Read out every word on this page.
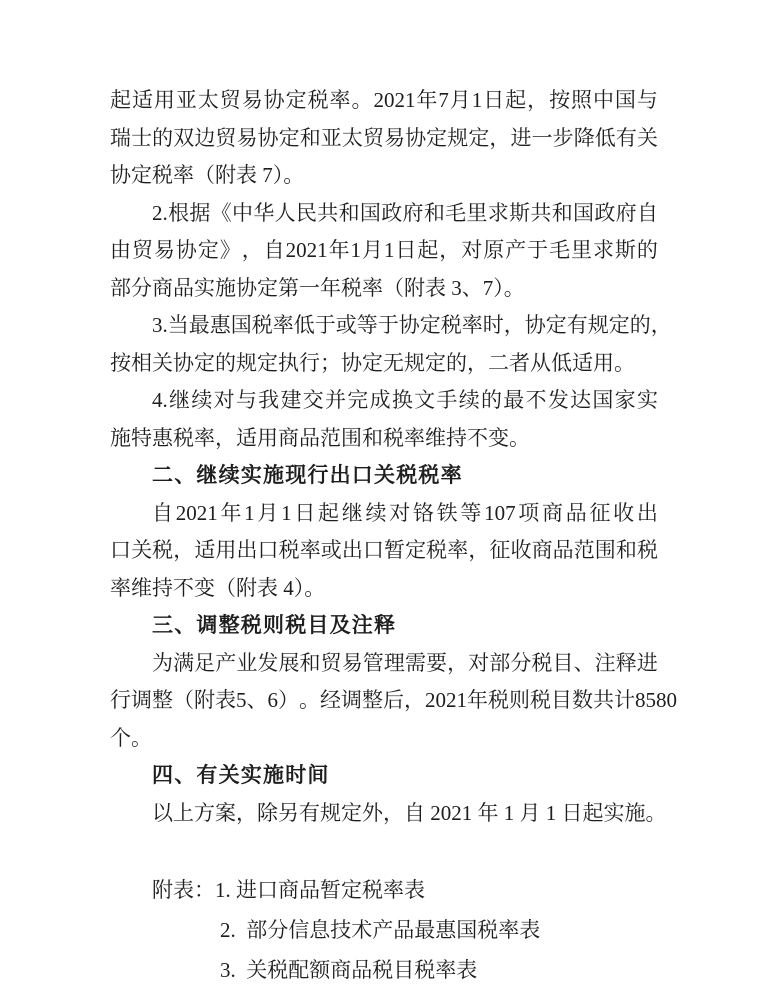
起 适 用 亚 太 贸 易 协 定 税 率 。 2021 年 7 月 1 日 起 ， 按 照 中 国 与
瑞 士 的 双 边 贸 易 协 定 和 亚 太 贸 易 协 定 规 定 ， 进 一 步 降 低 有 关
协定税率（附表 7）。
2. 根 据 《 中 华 人 民 共 和 国 政 府 和 毛 里 求 斯 共 和 国 政 府 自
由 贸 易 协 定 》 ， 自 2021 年 1 月 1 日 起 ， 对 原 产 于 毛 里 求 斯 的
部分商品实施协定第一年税率（附表 3、7）。
3. 当 最 惠 国 税 率 低 于 或 等 于 协 定 税 率 时 ， 协 定 有 规 定 的 ，
按相关协定的规定执行；协定无规定的，二者从低适用。
4. 继 续 对 与 我 建 交 并 完 成 换 文 手 续 的 最 不 发 达 国 家 实
施特惠税率，适用商品范围和税率维持不变。
二、继续实施现行出口关税税率
自 2021 年 1 月 1 日 起 继 续 对 铬 铁 等 107 项 商 品 征 收 出
口 关 税 ， 适 用 出 口 税 率 或 出 口 暂 定 税 率 ， 征 收 商 品 范 围 和 税
率维持不变（附表 4）。
三、调整税则税目及注释
为 满 足 产 业 发 展 和 贸 易 管 理 需 要 ， 对 部 分 税 目 、 注 释 进
行 调 整 （ 附 表 5 、 6 ） 。 经 调 整 后 ， 2021 年 税 则 税 目 数 共 计 8580
个。
四、有关实施时间
以上方案，除另有规定外，自 2021 年 1 月 1 日起实施。
附表：1. 进口商品暂定税率表
2.  部分信息技术产品最惠国税率表
3.  关税配额商品税目税率表
